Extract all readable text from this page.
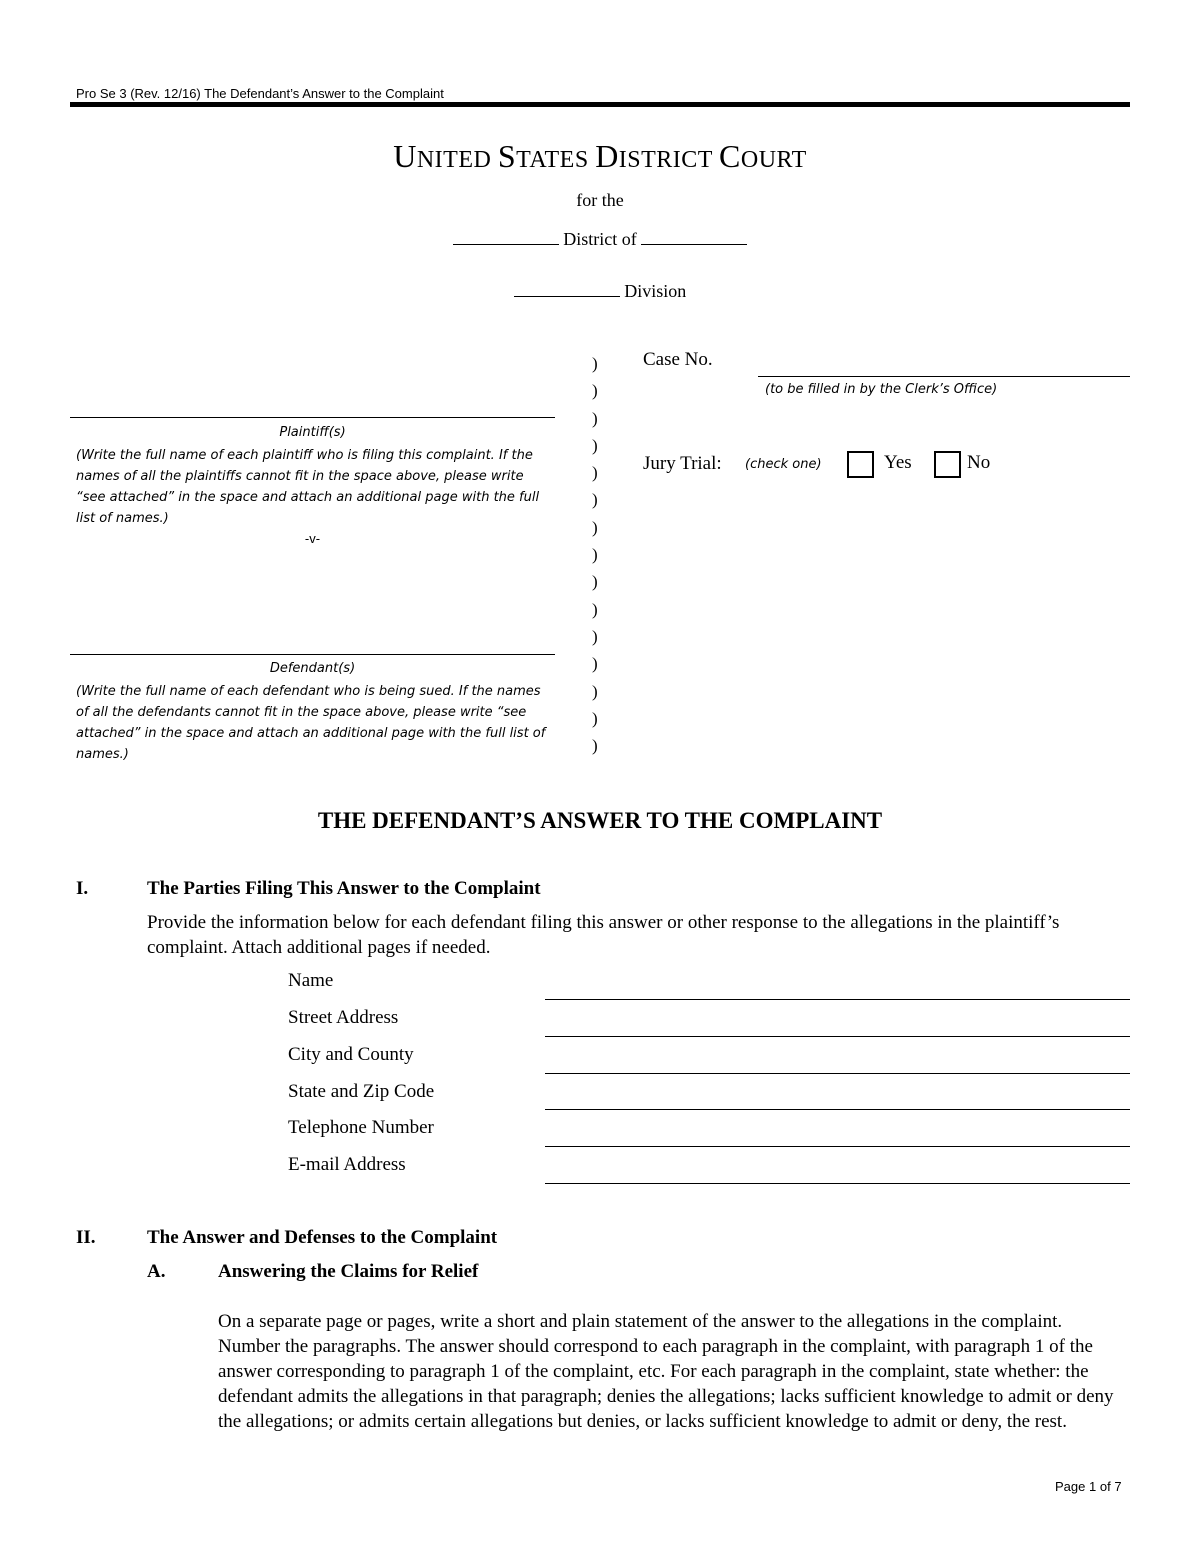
Pro Se 3 (Rev. 12/16) The Defendant’s Answer to the Complaint
UNITED STATES DISTRICT COURT
for the
District of
Division
Plaintiff(s)
(Write the full name of each plaintiff who is filing this complaint. If the names of all the plaintiffs cannot fit in the space above, please write “see attached” in the space and attach an additional page with the full list of names.)
-v-
Defendant(s)
(Write the full name of each defendant who is being sued. If the names of all the defendants cannot fit in the space above, please write “see attached” in the space and attach an additional page with the full list of names.)
)
)
)
)
)
)
)
)
)
)
)
)
)
)
)
Case No.
(to be filled in by the Clerk’s Office)
Jury Trial: (check one)	Yes	No
THE DEFENDANT’S ANSWER TO THE COMPLAINT
I.	The Parties Filing This Answer to the Complaint
Provide the information below for each defendant filing this answer or other response to the allegations in the plaintiff’s complaint. Attach additional pages if needed.
Name
Street Address
City and County
State and Zip Code
Telephone Number
E-mail Address
II.	The Answer and Defenses to the Complaint
A.	Answering the Claims for Relief
On a separate page or pages, write a short and plain statement of the answer to the allegations in the complaint. Number the paragraphs. The answer should correspond to each paragraph in the complaint, with paragraph 1 of the answer corresponding to paragraph 1 of the complaint, etc. For each paragraph in the complaint, state whether: the defendant admits the allegations in that paragraph; denies the allegations; lacks sufficient knowledge to admit or deny the allegations; or admits certain allegations but denies, or lacks sufficient knowledge to admit or deny, the rest.
Page 1 of 7
